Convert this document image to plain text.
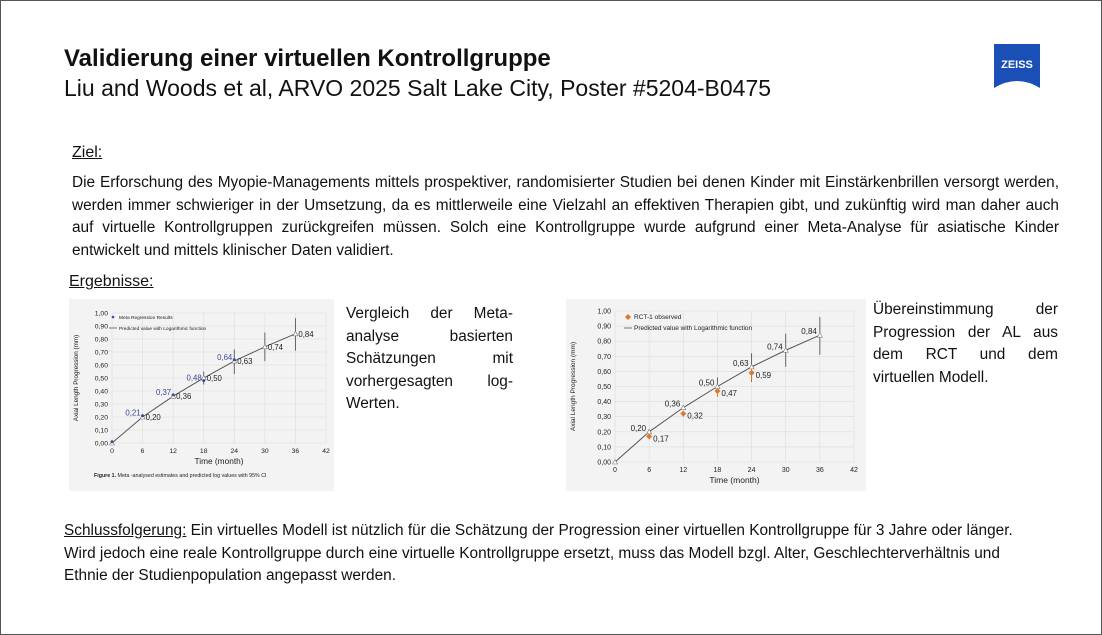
Validierung einer virtuellen Kontrollgruppe
Liu and Woods et al, ARVO 2025 Salt Lake City, Poster #5204-B0475
ZEISS
Ziel:
Die Erforschung des Myopie-Managements mittels prospektiver, randomisierter Studien bei denen Kinder mit Einstärkenbrillen versorgt werden, werden immer schwieriger in der Umsetzung, da es mittlerweile eine Vielzahl an effektiven Therapien gibt, und zukünftig wird man daher auch auf virtuelle Kontrollgruppen zurückgreifen müssen. Solch eine Kontrollgruppe wurde aufgrund einer Meta-Analyse für asiatische Kinder entwickelt und mittels klinischer Daten validiert.
Ergebnisse:
0,00
0,10
0,20
0,30
0,40
0,50
0,60
0,70
0,80
0,90
1,00
0	6	12	18	24	30	36	42
Time (month)
Axial Length Progression (mm)	0,20
0,36
0,50
0,63
0,74
0,84
0,21
0,37
0,48
0,64
Meta Regression Results
Predicted value with Logarithmic function
Figure 1. Meta -analysed estimates and predicted log values with 95% CI
0,00
0,10
0,20
0,30
0,40
0,50
0,60
0,70
0,80
0,90
1,00
0	6	12	18	24	30	36	42
Time (month)
Axial Length Progression (mm)	0,20
0,36
0,50
0,63
0,74
0,84
0,17
0,32
0,47
0,59
RCT-1 observed
Predicted value with Logarithmic function
Vergleich der Meta-analyse basierten Schätzungen mit vorhergesagten log-Werten.
Übereinstimmung der Progression der AL aus dem RCT und dem virtuellen Modell.
Schlussfolgerung: Ein virtuelles Modell ist nützlich für die Schätzung der Progression einer virtuellen Kontrollgruppe für 3 Jahre oder länger. Wird jedoch eine reale Kontrollgruppe durch eine virtuelle Kontrollgruppe ersetzt, muss das Modell bzgl. Alter, Geschlechterverhältnis und Ethnie der Studienpopulation angepasst werden.
